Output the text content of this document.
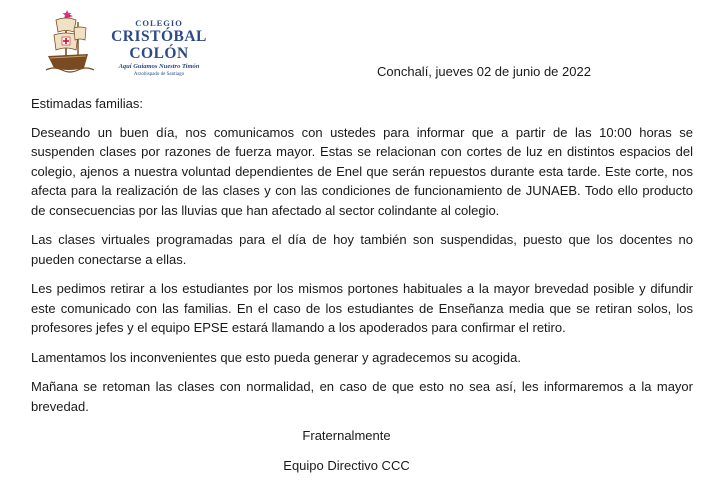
COLEGIO
CRISTÓBAL COLÓN
Aquí Guiamos Nuestro Timón
Arzobispado de Santiago	Conchalí, jueves 02 de junio de 2022

Estimadas familias:

Deseando un buen día, nos comunicamos con ustedes para informar que a partir de las 10:00 horas se suspenden clases por razones de fuerza mayor. Estas se relacionan con cortes de luz en distintos espacios del colegio, ajenos a nuestra voluntad dependientes de Enel que serán repuestos durante esta tarde. Este corte, nos afecta para la realización de las clases y con las condiciones de funcionamiento de JUNAEB. Todo ello producto de consecuencias por las lluvias que han afectado al sector colindante al colegio.

Las clases virtuales programadas para el día de hoy también son suspendidas, puesto que los docentes no pueden conectarse a ellas.

Les pedimos retirar a los estudiantes por los mismos portones habituales a la mayor brevedad posible y difundir este comunicado con las familias. En el caso de los estudiantes de Enseñanza media que se retiran solos, los profesores jefes y el equipo EPSE estará llamando a los apoderados para confirmar el retiro.

Lamentamos los inconvenientes que esto pueda generar y agradecemos su acogida.

Mañana se retoman las clases con normalidad, en caso de que esto no sea así, les informaremos a la mayor brevedad.

Fraternalmente
Equipo Directivo CCC
